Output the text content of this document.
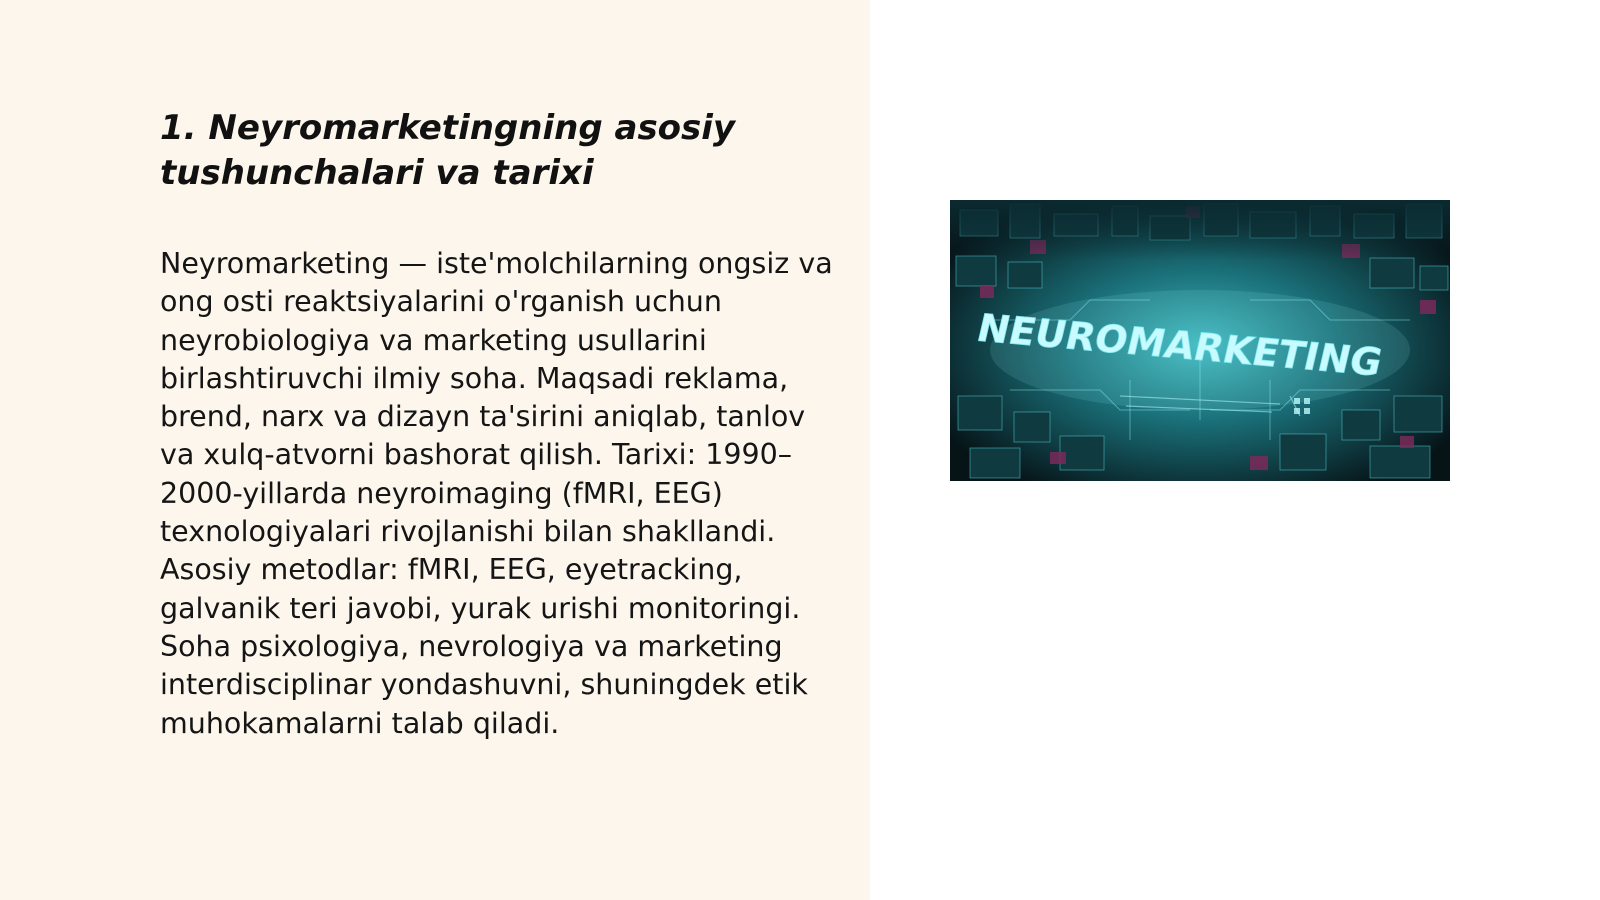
1. Neyromarketingning asosiy tushunchalari va tarixi

Neyromarketing — iste'molchilarning ongsiz va ong osti reaktsiyalarini o'rganish uchun neyrobiologiya va marketing usullarini birlashtiruvchi ilmiy soha. Maqsadi reklama, brend, narx va dizayn ta'sirini aniqlab, tanlov va xulq-atvorni bashorat qilish. Tarixi: 1990–2000-yillarda neyroimaging (fMRI, EEG) texnologiyalari rivojlanishi bilan shakllandi. Asosiy metodlar: fMRI, EEG, eyetracking, galvanik teri javobi, yurak urishi monitoringi. Soha psixologiya, nevrologiya va marketing interdisciplinar yondashuvni, shuningdek etik muhokamalarni talab qiladi.

NEUROMARKETING
